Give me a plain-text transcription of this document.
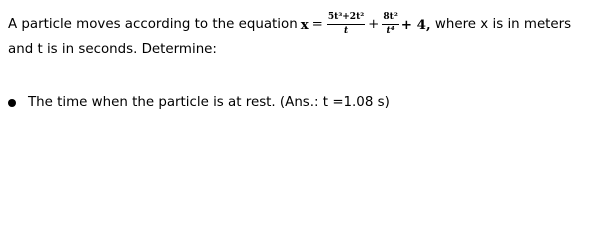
A particle moves according to the equation $x = \frac{\text{5t³+2t²}}{t} + \frac{\text{8t²}}{\text{t⁴}} + 4$, where x is in meters
and t is in seconds. Determine:
The time when the particle is at rest. (Ans.: t =1.08 s)
